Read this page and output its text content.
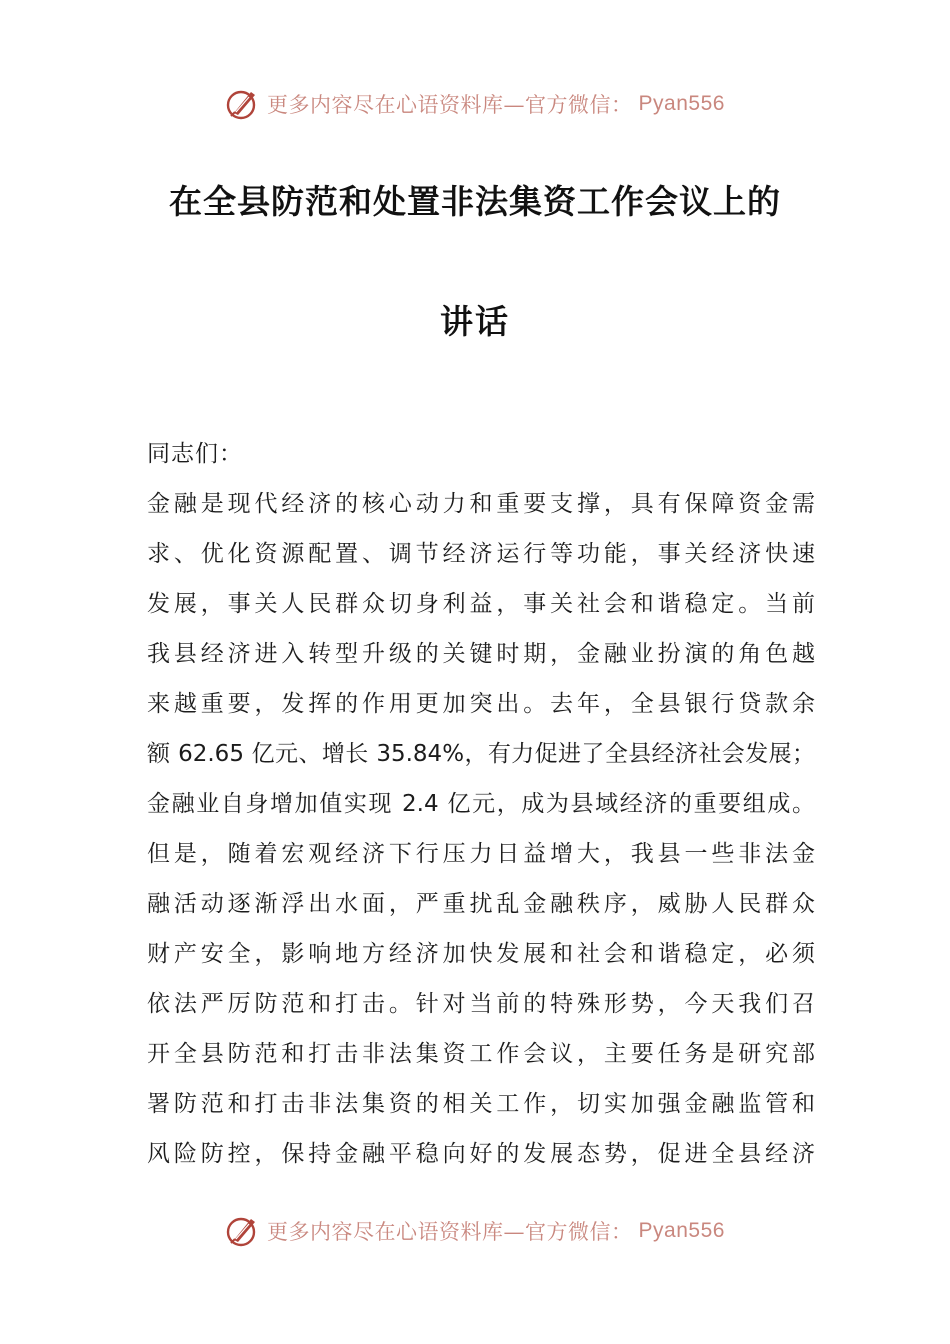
更多内容尽在心语资料库—官方微信： Pyan556
在全县防范和处置非法集资工作会议上的
讲话
同志们：
金融是现代经济的核心动力和重要支撑，具有保障资金需
求、优化资源配置、调节经济运行等功能，事关经济快速
发展，事关人民群众切身利益，事关社会和谐稳定。当前
我县经济进入转型升级的关键时期，金融业扮演的角色越
来越重要，发挥的作用更加突出。去年，全县银行贷款余
额 62.65 亿元、增长 35.84%，有力促进了全县经济社会发展；
金融业自身增加值实现 2.4 亿元，成为县域经济的重要组成。
但是，随着宏观经济下行压力日益增大，我县一些非法金
融活动逐渐浮出水面，严重扰乱金融秩序，威胁人民群众
财产安全，影响地方经济加快发展和社会和谐稳定，必须
依法严厉防范和打击。针对当前的特殊形势，今天我们召
开全县防范和打击非法集资工作会议，主要任务是研究部
署防范和打击非法集资的相关工作，切实加强金融监管和
风险防控，保持金融平稳向好的发展态势，促进全县经济
更多内容尽在心语资料库—官方微信： Pyan556
